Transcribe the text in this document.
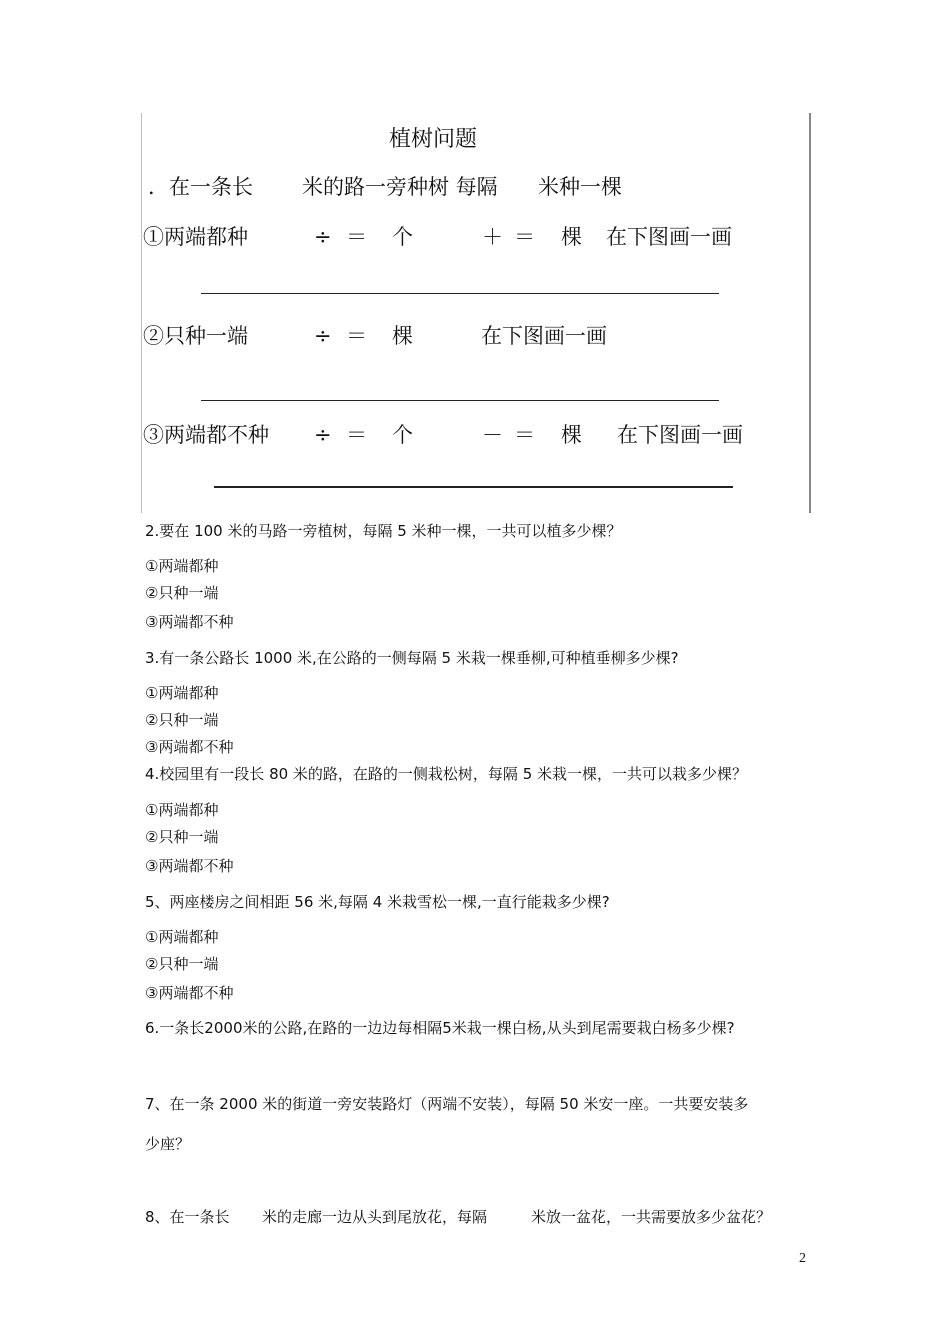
植树问题
．在一条长 米的路一旁种树 每隔 米种一棵
①两端都种	÷ ＝ 个	＋ ＝ 棵 在下图画一画
②只种一端	÷ ＝ 棵	在下图画一画
③两端都不种 ÷ ＝ 个	－ ＝ 棵 在下图画一画
2.要在 100 米的马路一旁植树，每隔 5 米种一棵，一共可以植多少棵？
①两端都种
②只种一端
③两端都不种
3.有一条公路长 1000 米,在公路的一侧每隔 5 米栽一棵垂柳,可种植垂柳多少棵?
①两端都种
②只种一端
③两端都不种
4.校园里有一段长 80 米的路，在路的一侧栽松树，每隔 5 米栽一棵，一共可以栽多少棵？
①两端都种
②只种一端
③两端都不种
5、两座楼房之间相距 56 米,每隔 4 米栽雪松一棵,一直行能栽多少棵?
①两端都种
②只种一端
③两端都不种
6.一条长2000米的公路,在路的一边边每相隔5米栽一棵白杨,从头到尾需要栽白杨多少棵?
7、在一条 2000 米的街道一旁安装路灯（两端不安装），每隔 50 米安一座。一共要安装多
少座？
8、在一条长 米的走廊一边从头到尾放花，每隔	米放一盆花，一共需要放多少盆花？
2
